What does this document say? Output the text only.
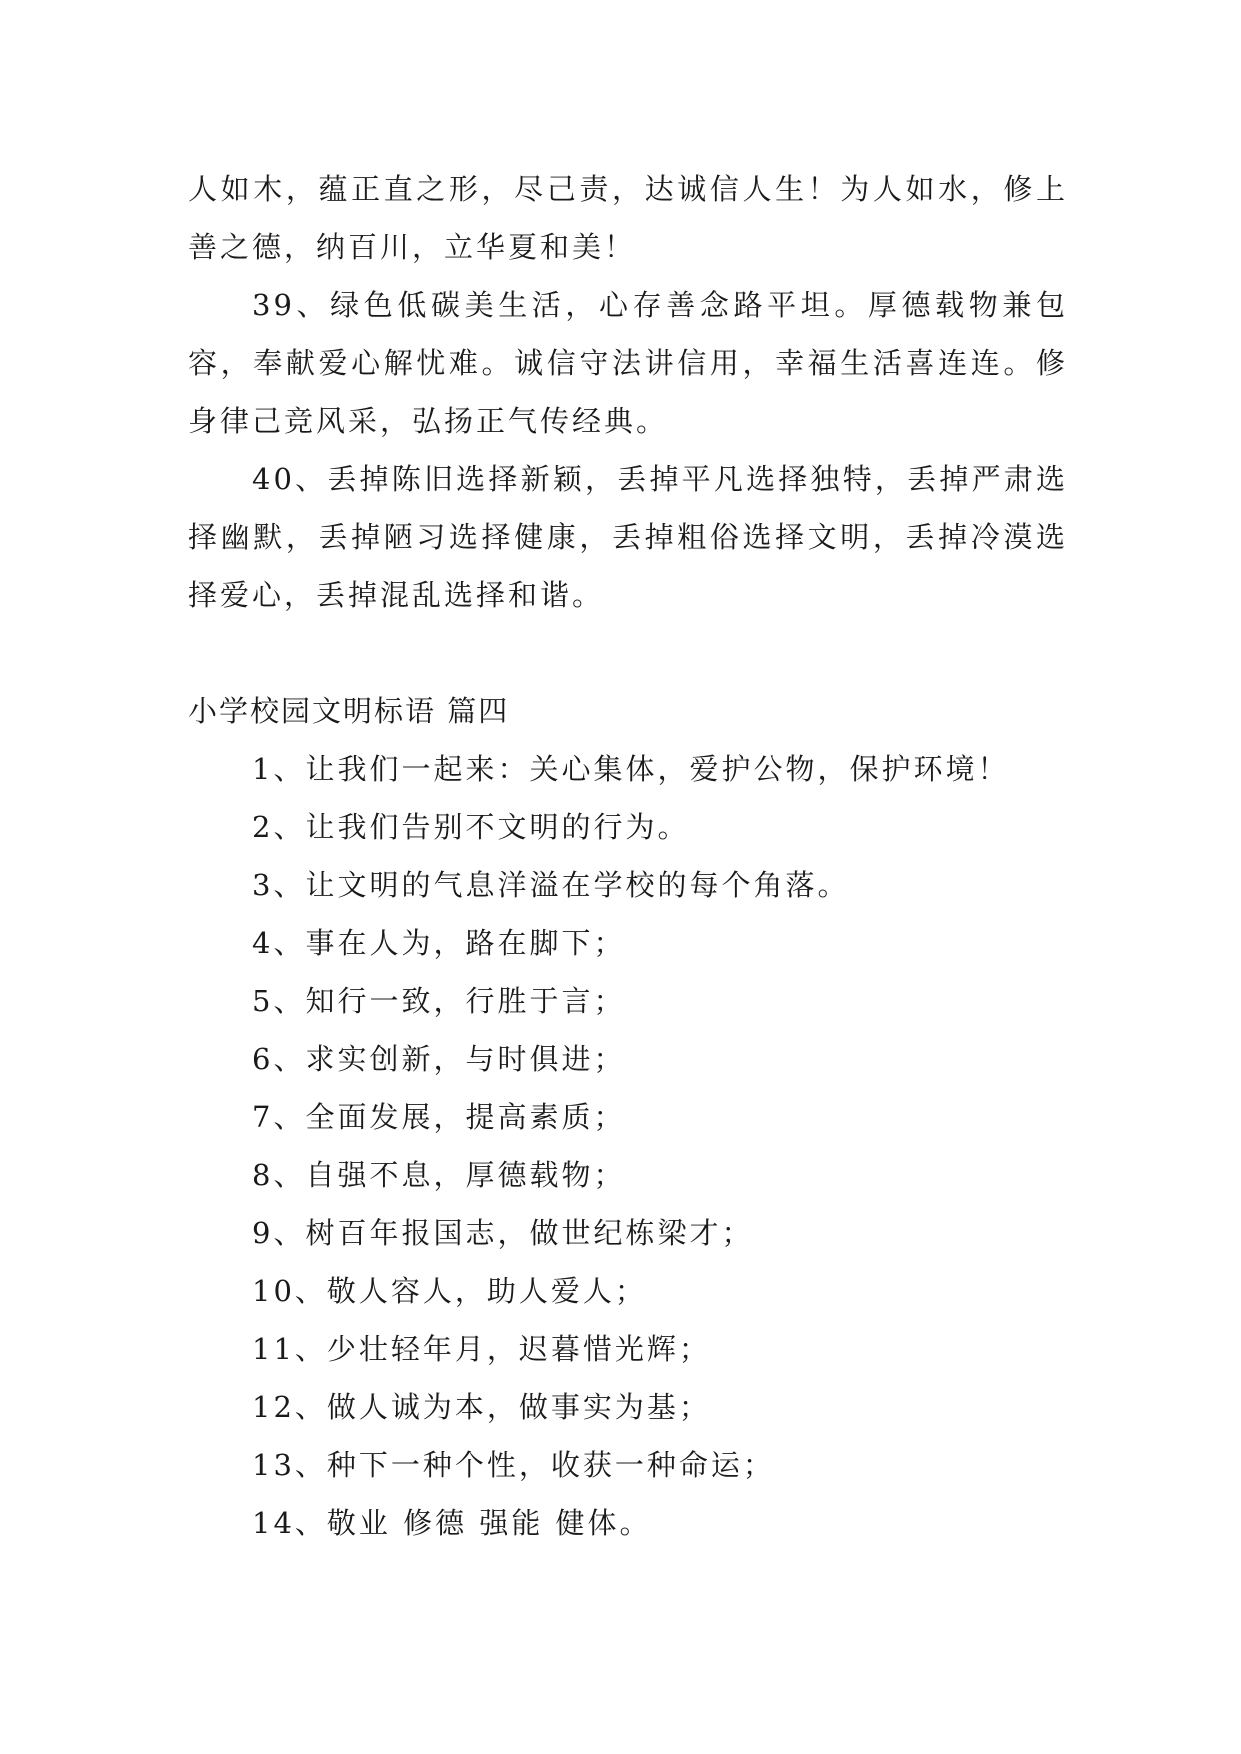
人如木，蕴正直之形，尽己责，达诚信人生！为人如水，修上善之德，纳百川，立华夏和美！

39、绿色低碳美生活，心存善念路平坦。厚德载物兼包容，奉献爱心解忧难。诚信守法讲信用，幸福生活喜连连。修身律己竞风采，弘扬正气传经典。

40、丢掉陈旧选择新颖，丢掉平凡选择独特，丢掉严肃选择幽默，丢掉陋习选择健康，丢掉粗俗选择文明，丢掉冷漠选择爱心，丢掉混乱选择和谐。

小学校园文明标语 篇四
1、让我们一起来：关心集体，爱护公物，保护环境！
2、让我们告别不文明的行为。
3、让文明的气息洋溢在学校的每个角落。
4、事在人为，路在脚下；
5、知行一致，行胜于言；
6、求实创新，与时俱进；
7、全面发展，提高素质；
8、自强不息，厚德载物；
9、树百年报国志，做世纪栋梁才；
10、敬人容人，助人爱人；
11、少壮轻年月，迟暮惜光辉；
12、做人诚为本，做事实为基；
13、种下一种个性，收获一种命运；
14、敬业 修德 强能 健体。
